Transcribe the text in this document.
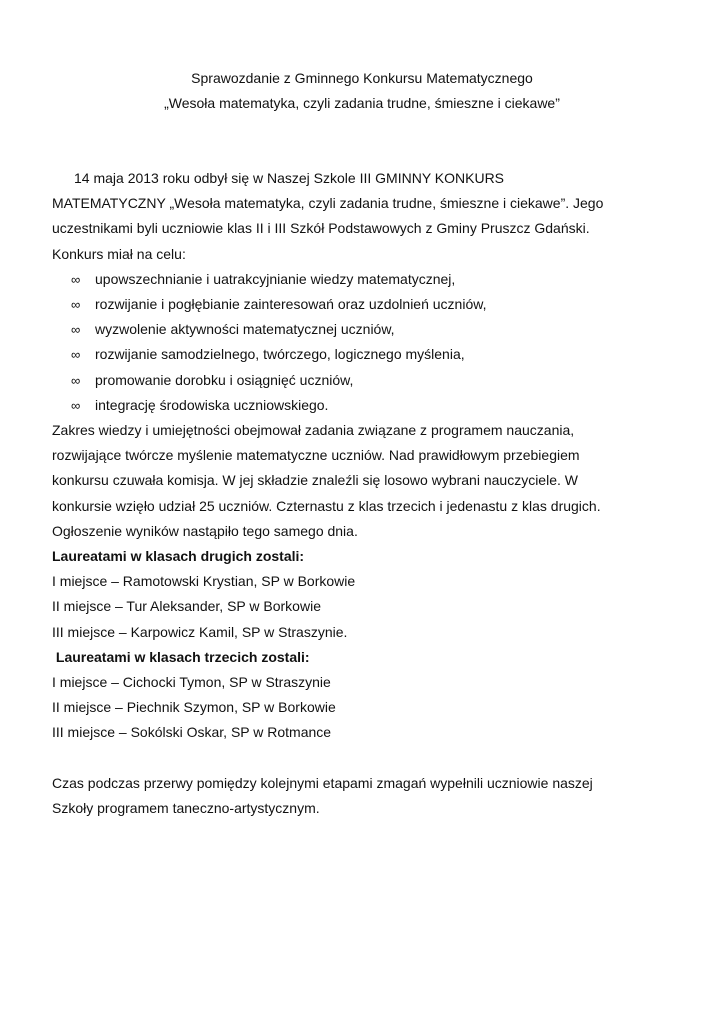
Sprawozdanie z Gminnego Konkursu Matematycznego
„Wesoła matematyka, czyli zadania trudne, śmieszne i ciekawe”

14 maja 2013 roku odbył się w Naszej Szkole III GMINNY KONKURS
MATEMATYCZNY „Wesoła matematyka, czyli zadania trudne, śmieszne i ciekawe”. Jego
uczestnikami byli uczniowie klas II i III Szkół Podstawowych z Gminy Pruszcz Gdański.
Konkurs miał na celu:

∞ upowszechnianie i uatrakcyjnianie wiedzy matematycznej,
∞ rozwijanie i pogłębianie zainteresowań oraz uzdolnień uczniów,
∞ wyzwolenie aktywności matematycznej uczniów,
∞ rozwijanie samodzielnego, twórczego, logicznego myślenia,
∞ promowanie dorobku i osiągnięć uczniów,
∞ integrację środowiska uczniowskiego.

Zakres wiedzy i umiejętności obejmował zadania związane z programem nauczania,
rozwijające twórcze myślenie matematyczne uczniów. Nad prawidłowym przebiegiem
konkursu czuwała komisja. W jej składzie znaleźli się losowo wybrani nauczyciele. W
konkursie wzięło udział 25 uczniów. Czternastu z klas trzecich i jedenastu z klas drugich.
Ogłoszenie wyników nastąpiło tego samego dnia.

Laureatami w klasach drugich zostali:
I miejsce – Ramotowski Krystian, SP w Borkowie
II miejsce – Tur Aleksander, SP w Borkowie
III miejsce – Karpowicz Kamil, SP w Straszynie.
Laureatami w klasach trzecich zostali:
I miejsce – Cichocki Tymon, SP w Straszynie
II miejsce – Piechnik Szymon, SP w Borkowie
III miejsce – Sokólski Oskar, SP w Rotmance

Czas podczas przerwy pomiędzy kolejnymi etapami zmagań wypełnili uczniowie naszej
Szkoły programem taneczno-artystycznym.
